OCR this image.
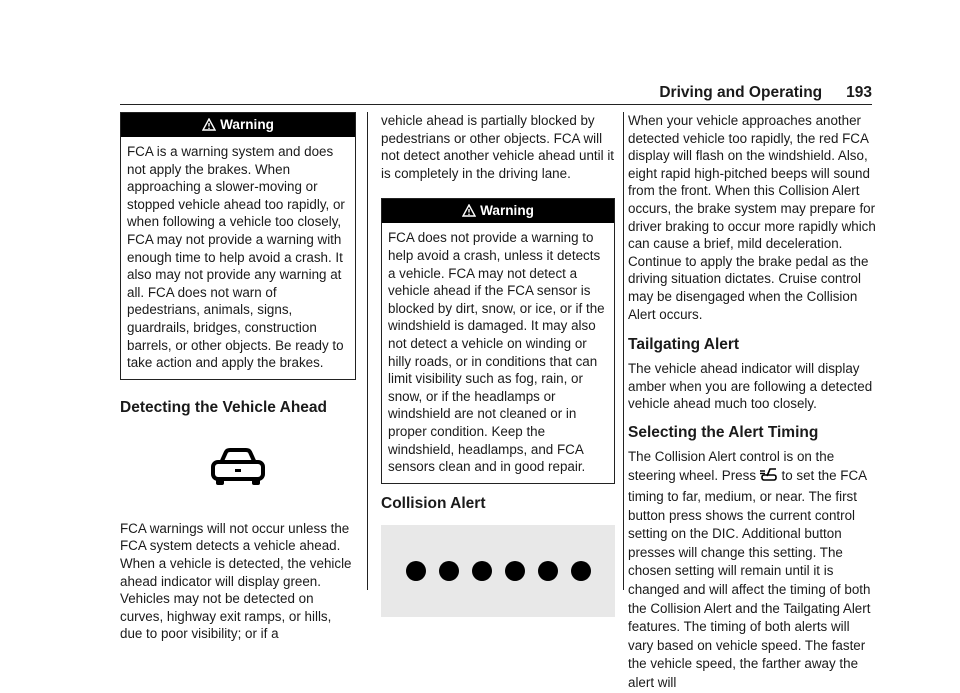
Driving and Operating 193
Warning

FCA is a warning system and does not apply the brakes. When approaching a slower-moving or stopped vehicle ahead too rapidly, or when following a vehicle too closely, FCA may not provide a warning with enough time to help avoid a crash. It also may not provide any warning at all. FCA does not warn of pedestrians, animals, signs, guardrails, bridges, construction barrels, or other objects. Be ready to take action and apply the brakes.

Detecting the Vehicle Ahead

FCA warnings will not occur unless the FCA system detects a vehicle ahead. When a vehicle is detected, the vehicle ahead indicator will display green. Vehicles may not be detected on curves, highway exit ramps, or hills, due to poor visibility; or if a

vehicle ahead is partially blocked by pedestrians or other objects. FCA will not detect another vehicle ahead until it is completely in the driving lane.

Warning

FCA does not provide a warning to help avoid a crash, unless it detects a vehicle. FCA may not detect a vehicle ahead if the FCA sensor is blocked by dirt, snow, or ice, or if the windshield is damaged. It may also not detect a vehicle on winding or hilly roads, or in conditions that can limit visibility such as fog, rain, or snow, or if the headlamps or windshield are not cleaned or in proper condition. Keep the windshield, headlamps, and FCA sensors clean and in good repair.

Collision Alert

When your vehicle approaches another detected vehicle too rapidly, the red FCA display will flash on the windshield. Also, eight rapid high-pitched beeps will sound from the front. When this Collision Alert occurs, the brake system may prepare for driver braking to occur more rapidly which can cause a brief, mild deceleration. Continue to apply the brake pedal as the driving situation dictates. Cruise control may be disengaged when the Collision Alert occurs.

Tailgating Alert

The vehicle ahead indicator will display amber when you are following a detected vehicle ahead much too closely.

Selecting the Alert Timing

The Collision Alert control is on the steering wheel. Press to set the FCA timing to far, medium, or near. The first button press shows the current control setting on the DIC. Additional button presses will change this setting. The chosen setting will remain until it is changed and will affect the timing of both the Collision Alert and the Tailgating Alert features. The timing of both alerts will vary based on vehicle speed. The faster the vehicle speed, the farther away the alert will
